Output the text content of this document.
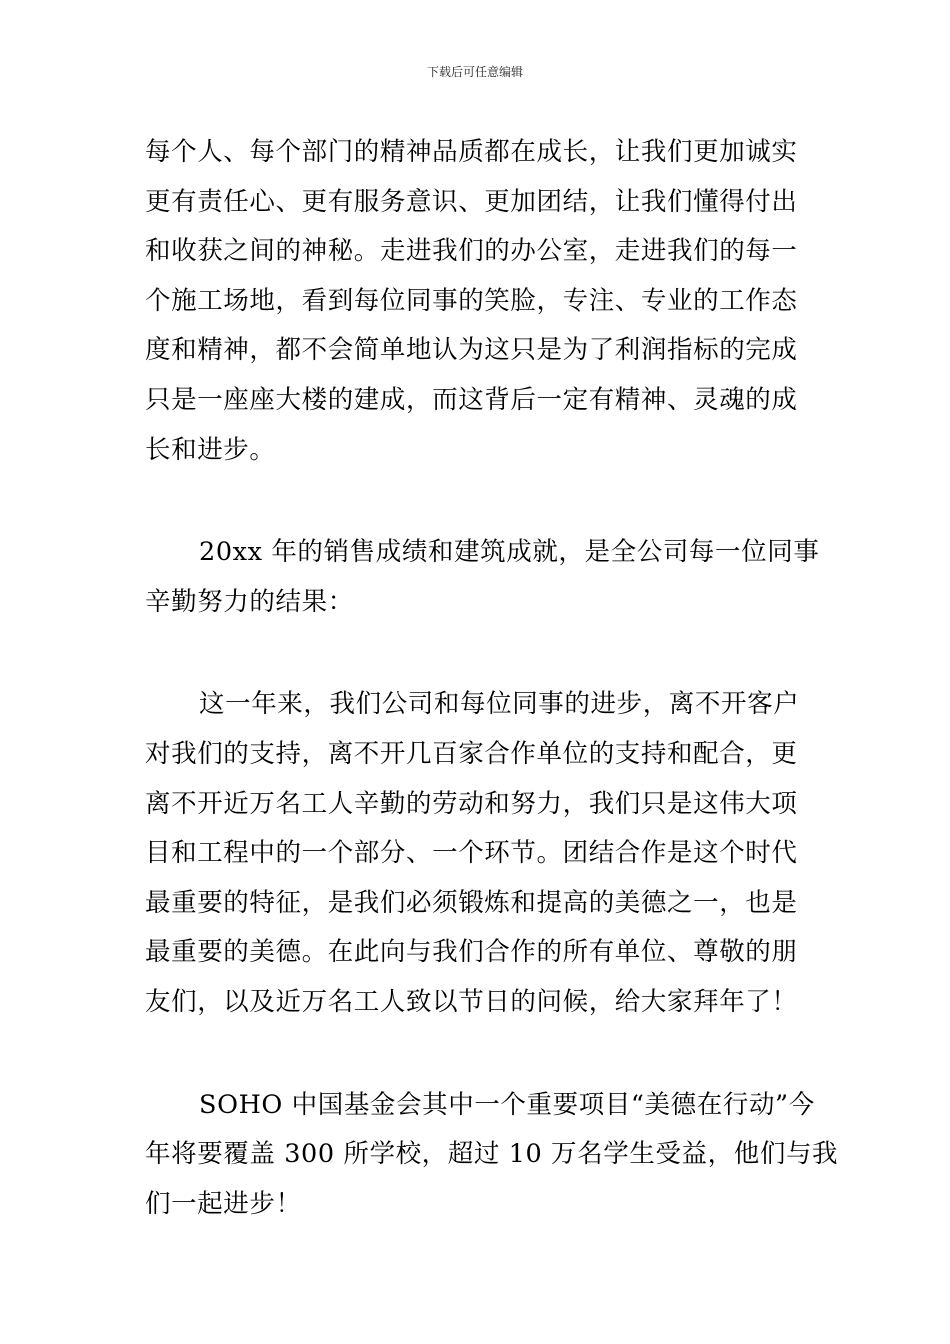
下载后可任意编辑
每个人、每个部门的精神品质都在成长，让我们更加诚实
更有责任心、更有服务意识、更加团结，让我们懂得付出
和收获之间的神秘。走进我们的办公室，走进我们的每一
个施工场地，看到每位同事的笑脸，专注、专业的工作态
度和精神，都不会简单地认为这只是为了利润指标的完成
只是一座座大楼的建成，而这背后一定有精神、灵魂的成
长和进步。
20xx 年的销售成绩和建筑成就，是全公司每一位同事
辛勤努力的结果：
这一年来，我们公司和每位同事的进步，离不开客户
对我们的支持，离不开几百家合作单位的支持和配合，更
离不开近万名工人辛勤的劳动和努力，我们只是这伟大项
目和工程中的一个部分、一个环节。团结合作是这个时代
最重要的特征，是我们必须锻炼和提高的美德之一，也是
最重要的美德。在此向与我们合作的所有单位、尊敬的朋
友们，以及近万名工人致以节日的问候，给大家拜年了！
SOHO 中国基金会其中一个重要项目“美德在行动”今
年将要覆盖 300 所学校，超过 10 万名学生受益，他们与我
们一起进步！
